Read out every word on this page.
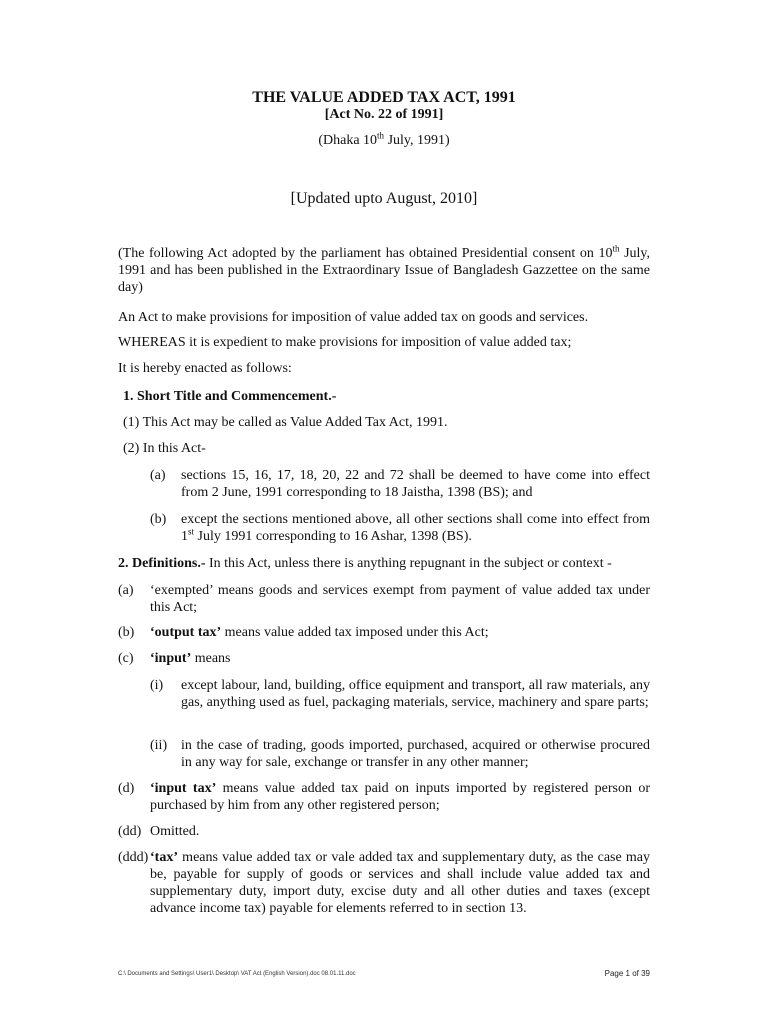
THE VALUE ADDED TAX ACT, 1991
[Act No. 22 of 1991]
(Dhaka 10th July, 1991)
[Updated upto August, 2010]
(The following Act adopted by the parliament has obtained Presidential consent on 10th July, 1991 and has been published in the Extraordinary Issue of Bangladesh Gazzettee on the same day)
An Act to make provisions for imposition of value added tax on goods and services.
WHEREAS it is expedient to make provisions for imposition of value added tax;
It is hereby enacted as follows:
1. Short Title and Commencement.-
(1) This Act may be called as Value Added Tax Act, 1991.
(2) In this Act-
(a) sections 15, 16, 17, 18, 20, 22 and 72 shall be deemed to have come into effect from 2 June, 1991 corresponding to 18 Jaistha, 1398 (BS); and
(b) except the sections mentioned above, all other sections shall come into effect from 1st July 1991 corresponding to 16 Ashar, 1398 (BS).
2. Definitions.- In this Act, unless there is anything repugnant in the subject or context -
(a) ‘exempted’ means goods and services exempt from payment of value added tax under this Act;
(b) ‘output tax’ means value added tax imposed under this Act;
(c) ‘input’ means
(i) except labour, land, building, office equipment and transport, all raw materials, any gas, anything used as fuel, packaging materials, service, machinery and spare parts;
(ii) in the case of trading, goods imported, purchased, acquired or otherwise procured in any way for sale, exchange or transfer in any other manner;
(d) ‘input tax’ means value added tax paid on inputs imported by registered person or purchased by him from any other registered person;
(dd) Omitted.
(ddd) ‘tax’ means value added tax or vale added tax and supplementary duty, as the case may be, payable for supply of goods or services and shall include value added tax and supplementary duty, import duty, excise duty and all other duties and taxes (except advance income tax) payable for elements referred to in section 13.
C:\ Documents and Settings\ User1\ Desktop\ VAT Act (English Version).doc 08.01.11.doc	Page 1 of 39
